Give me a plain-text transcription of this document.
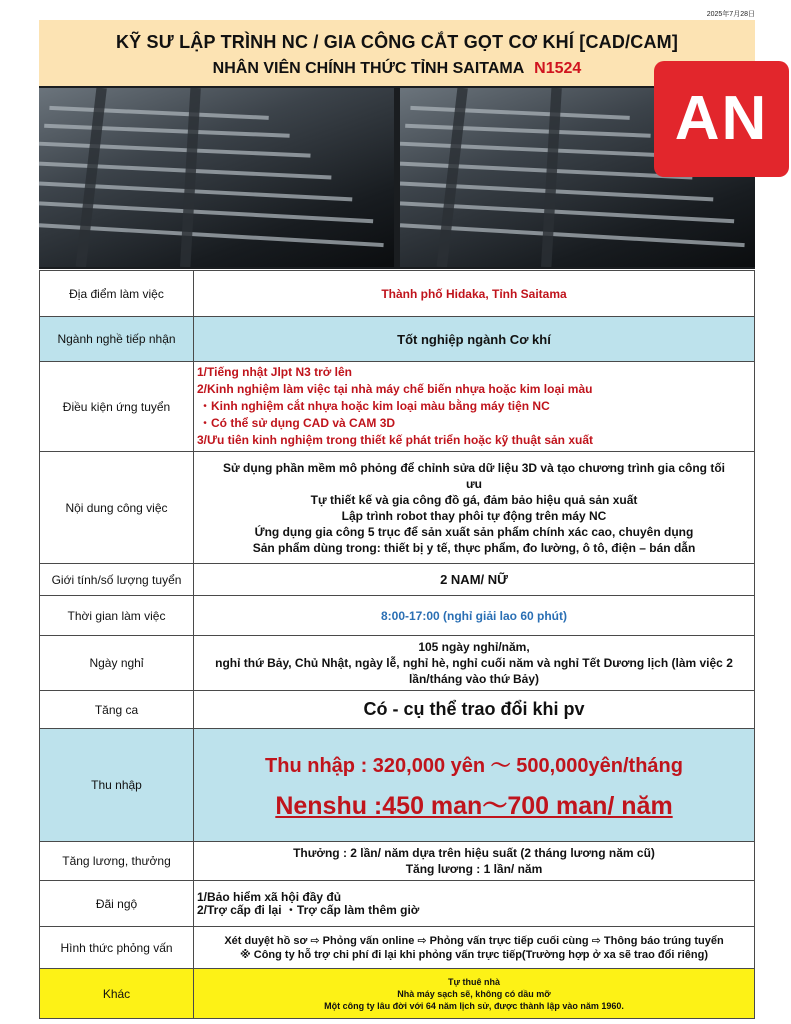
2025年7月28日
KỸ SƯ LẬP TRÌNH NC / GIA CÔNG CẮT GỌT CƠ KHÍ [CAD/CAM]
NHÂN VIÊN CHÍNH THỨC TỈNH SAITAMA N1524
AN
Địa điểm làm việc	Thành phố Hidaka, Tỉnh Saitama
Ngành nghề tiếp nhận	Tốt nghiệp ngành Cơ khí
Điều kiện ứng tuyển	1/Tiếng nhật Jlpt N3 trở lên
2/Kinh nghiệm làm việc tại nhà máy chế biến nhựa hoặc kim loại màu
・Kinh nghiệm cắt nhựa hoặc kim loại màu bằng máy tiện NC
・Có thể sử dụng CAD và CAM 3D
3/Ưu tiên kinh nghiệm trong thiết kế phát triển hoặc kỹ thuật sản xuất

Nội dung công việc	Sử dụng phần mềm mô phỏng để chỉnh sửa dữ liệu 3D và tạo chương trình gia công tối ưu
Tự thiết kế và gia công đồ gá, đảm bảo hiệu quả sản xuất
Lập trình robot thay phôi tự động trên máy NC
Ứng dụng gia công 5 trục để sản xuất sản phẩm chính xác cao, chuyên dụng
Sản phẩm dùng trong: thiết bị y tế, thực phẩm, đo lường, ô tô, điện – bán dẫn

Giới tính/số lượng tuyển	2 NAM/ NỮ
Thời gian làm việc	8:00-17:00 (nghỉ giải lao 60 phút)
Ngày nghỉ	105 ngày nghỉ/năm,
nghỉ thứ Bảy, Chủ Nhật, ngày lễ, nghỉ hè, nghỉ cuối năm và nghỉ Tết Dương lịch (làm việc 2 lần/tháng vào thứ Bảy)

Tăng ca	Có - cụ thể trao đổi khi pv
Thu nhập	Thu nhập : 320,000 yên ～ 500,000yên/tháng
Nenshu :450 man～700 man/ năm

Tăng lương, thưởng	Thưởng : 2 lần/ năm dựa trên hiệu suất (2 tháng lương năm cũ)
Tăng lương : 1 lần/ năm

Đãi ngộ	1/Bảo hiểm xã hội đầy đủ
2/Trợ cấp đi lại ・Trợ cấp làm thêm giờ

Hình thức phỏng vấn	Xét duyệt hồ sơ ⇨ Phỏng vấn online ⇨ Phỏng vấn trực tiếp cuối cùng ⇨ Thông báo trúng tuyển
※ Công ty hỗ trợ chi phí đi lại khi phỏng vấn trực tiếp(Trường hợp ở xa sẽ trao đổi riêng)

Khác	Tự thuê nhà
Nhà máy sạch sẽ, không có dầu mỡ
Một công ty lâu đời với 64 năm lịch sử, được thành lập vào năm 1960.
